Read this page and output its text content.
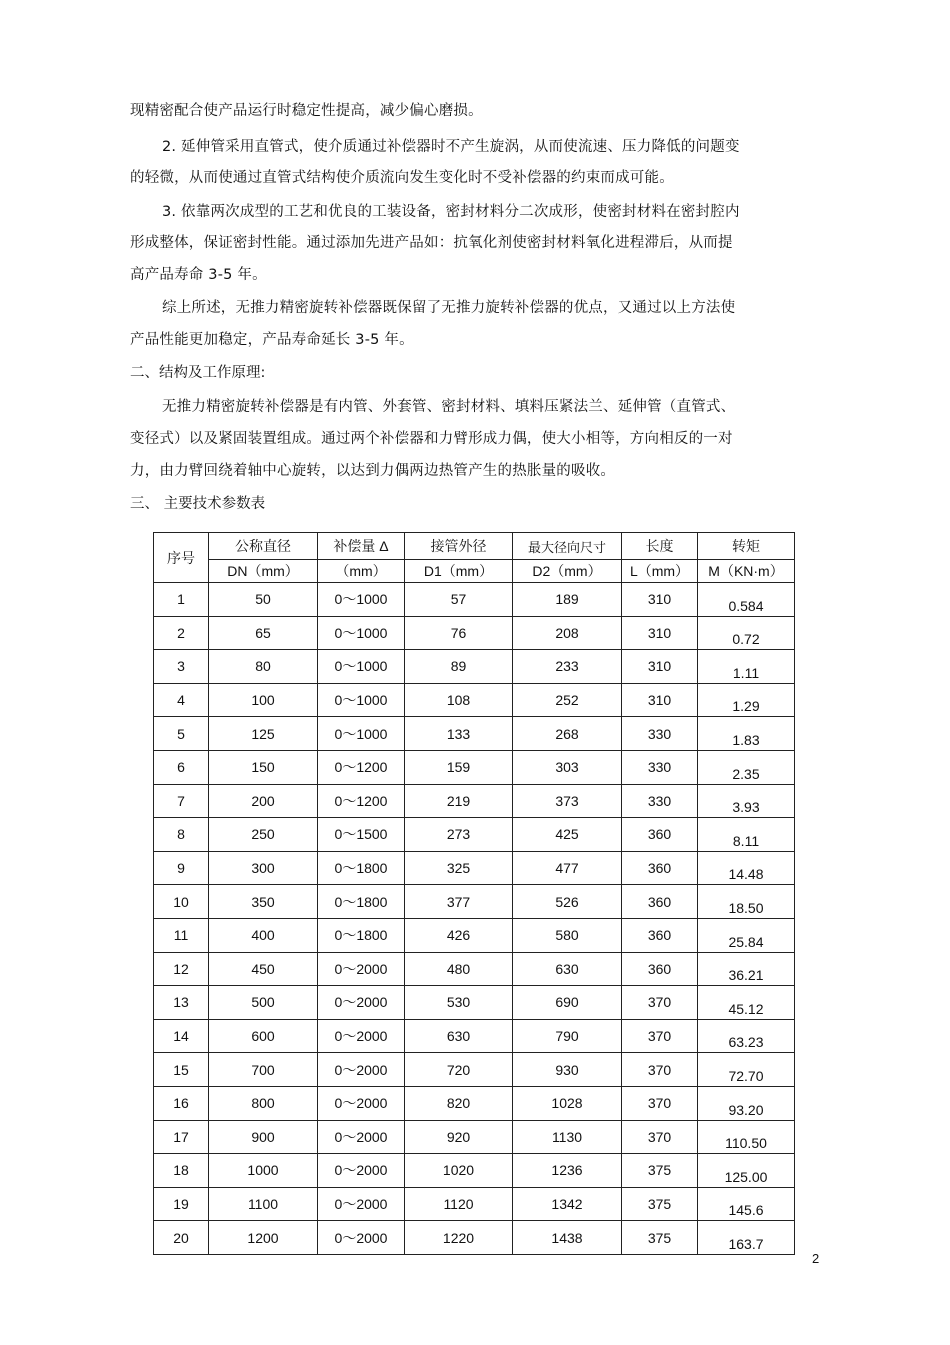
现精密配合使产品运行时稳定性提高，减少偏心磨损。
2. 延伸管采用直管式，使介质通过补偿器时不产生旋涡，从而使流速、压力降低的问题变
的轻微，从而使通过直管式结构使介质流向发生变化时不受补偿器的约束而成可能。
3. 依靠两次成型的工艺和优良的工装设备，密封材料分二次成形，使密封材料在密封腔内
形成整体，保证密封性能。通过添加先进产品如：抗氧化剂使密封材料氧化进程滞后，从而提
高产品寿命 3-5 年。
综上所述，无推力精密旋转补偿器既保留了无推力旋转补偿器的优点，又通过以上方法使
产品性能更加稳定，产品寿命延长 3-5 年。
二、结构及工作原理:
无推力精密旋转补偿器是有内管、外套管、密封材料、填料压紧法兰、延伸管（直管式、
变径式）以及紧固装置组成。通过两个补偿器和力臂形成力偶，使大小相等，方向相反的一对
力，由力臂回绕着轴中心旋转，以达到力偶两边热管产生的热胀量的吸收。
三、 主要技术参数表
序号	公称直径	补偿量 Δ	接管外径	最大径向尺寸	长度	转矩
	DN（mm）	（mm）	D1（mm）	D2（mm）	L（mm）	M（KN·m）
1	50	0～1000	57	189	310	0.584
2	65	0～1000	76	208	310	0.72
3	80	0～1000	89	233	310	1.11
4	100	0～1000	108	252	310	1.29
5	125	0～1000	133	268	330	1.83
6	150	0～1200	159	303	330	2.35
7	200	0～1200	219	373	330	3.93
8	250	0～1500	273	425	360	8.11
9	300	0～1800	325	477	360	14.48
10	350	0～1800	377	526	360	18.50
11	400	0～1800	426	580	360	25.84
12	450	0～2000	480	630	360	36.21
13	500	0～2000	530	690	370	45.12
14	600	0～2000	630	790	370	63.23
15	700	0～2000	720	930	370	72.70
16	800	0～2000	820	1028	370	93.20
17	900	0～2000	920	1130	370	110.50
18	1000	0～2000	1020	1236	375	125.00
19	1100	0～2000	1120	1342	375	145.6
20	1200	0～2000	1220	1438	375	163.7
2
